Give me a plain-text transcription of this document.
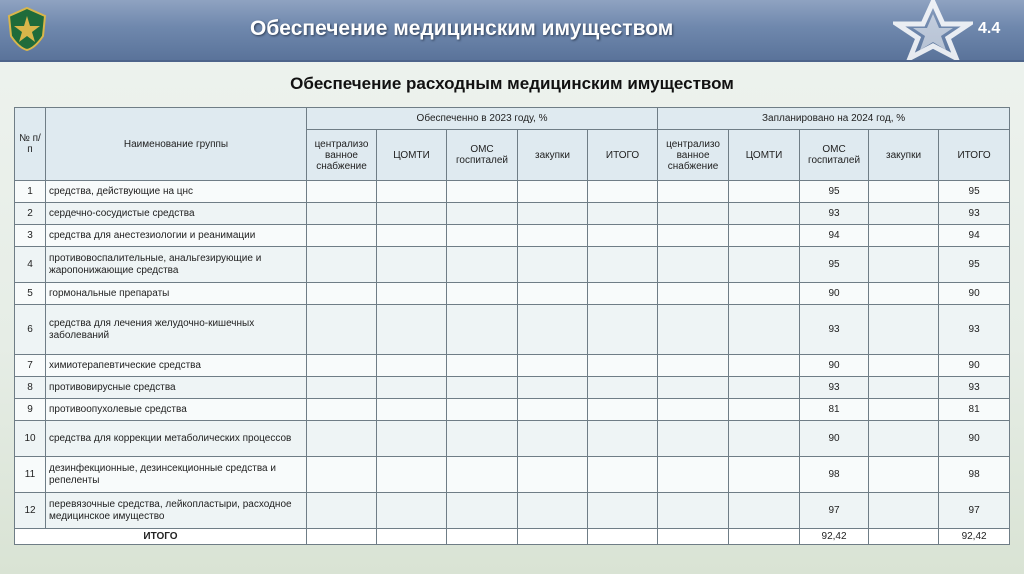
Обеспечение медицинским имуществом	4.4
Обеспечение расходным медицинским имуществом
№ п/п	Наименование группы	Обеспеченно в 2023 году, %					Запланировано на 2024 год, %				
		централизо ванное снабжение	ЦОМТИ	ОМС госпиталей	закупки	ИТОГО	централизо ванное снабжение	ЦОМТИ	ОМС госпиталей	закупки	ИТОГО
1	средства, действующие на цнс								95		95
2	сердечно-сосудистые средства								93		93
3	средства для анестезиологии и реанимации								94		94
4	противовоспалительные, анальгезирующие и жаропонижающие средства								95		95
5	гормональные препараты								90		90
6	средства для лечения желудочно-кишечных заболеваний								93		93
7	химиотерапевтические средства								90		90
8	противовирусные средства								93		93
9	противоопухолевые средства								81		81
10	средства для коррекции метаболических процессов								90		90
11	дезинфекционные, дезинсекционные средства и репеленты								98		98
12	перевязочные средства, лейкопластыри, расходное медицинское имущество								97		97
ИТОГО									92,42		92,42
